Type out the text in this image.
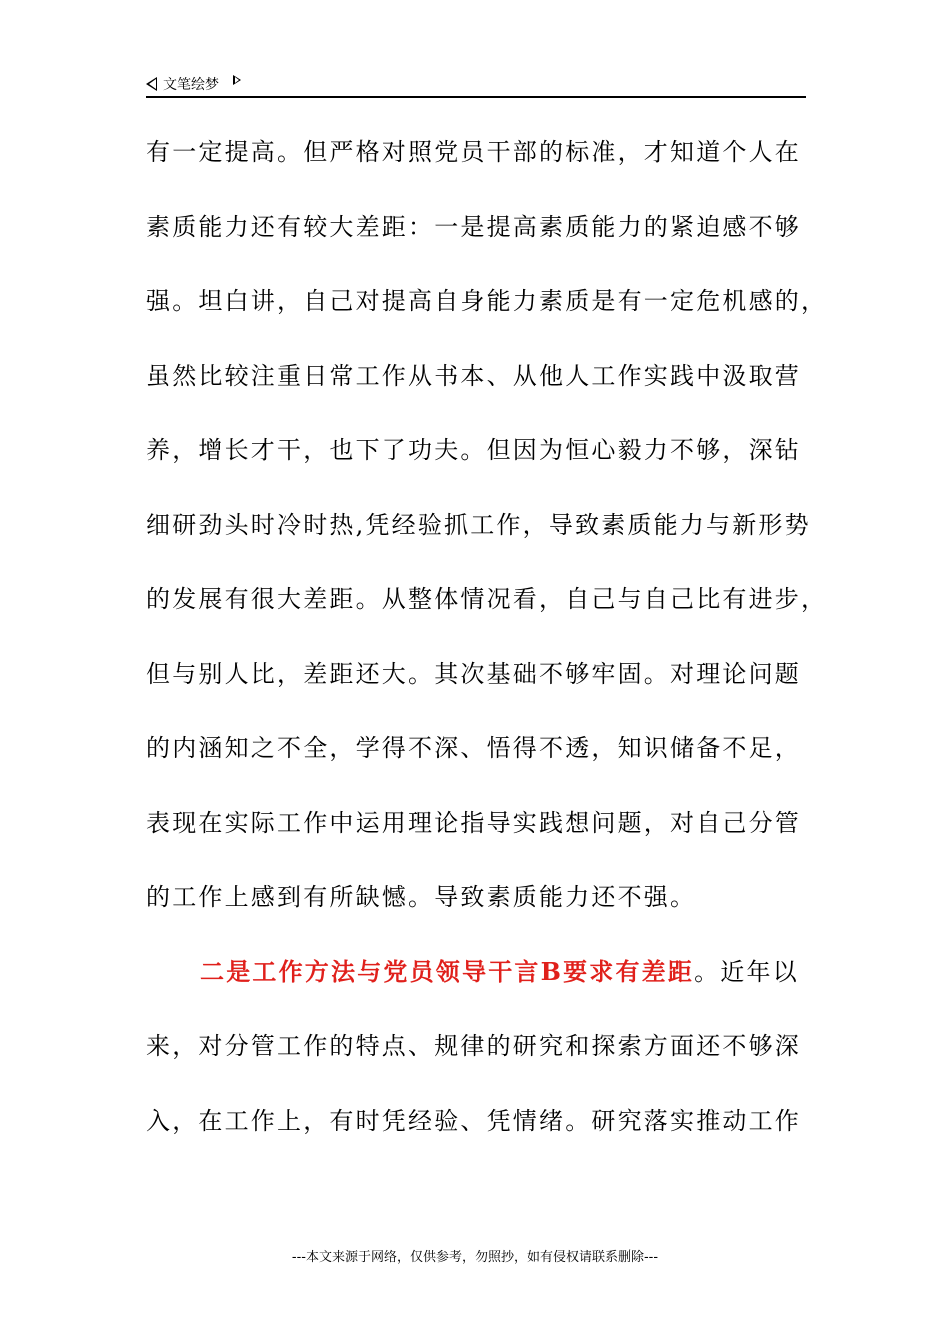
文笔绘梦
有一定提高。但严格对照党员干部的标准，才知道个人在
素质能力还有较大差距：一是提高素质能力的紧迫感不够
强。坦白讲，自己对提高自身能力素质是有一定危机感的，
虽然比较注重日常工作从书本、从他人工作实践中汲取营
养，增长才干，也下了功夫。但因为恒心毅力不够，深钻
细研劲头时冷时热,凭经验抓工作，导致素质能力与新形势
的发展有很大差距。从整体情况看，自己与自己比有进步，
但与别人比，差距还大。其次基础不够牢固。对理论问题
的内涵知之不全，学得不深、悟得不透，知识储备不足，
表现在实际工作中运用理论指导实践想问题，对自己分管
的工作上感到有所缺憾。导致素质能力还不强。
二是工作方法与党员领导干言B要求有差距。近年以
来，对分管工作的特点、规律的研究和探索方面还不够深
入，在工作上，有时凭经验、凭情绪。研究落实推动工作
---本文来源于网络，仅供参考，勿照抄，如有侵权请联系删除---
